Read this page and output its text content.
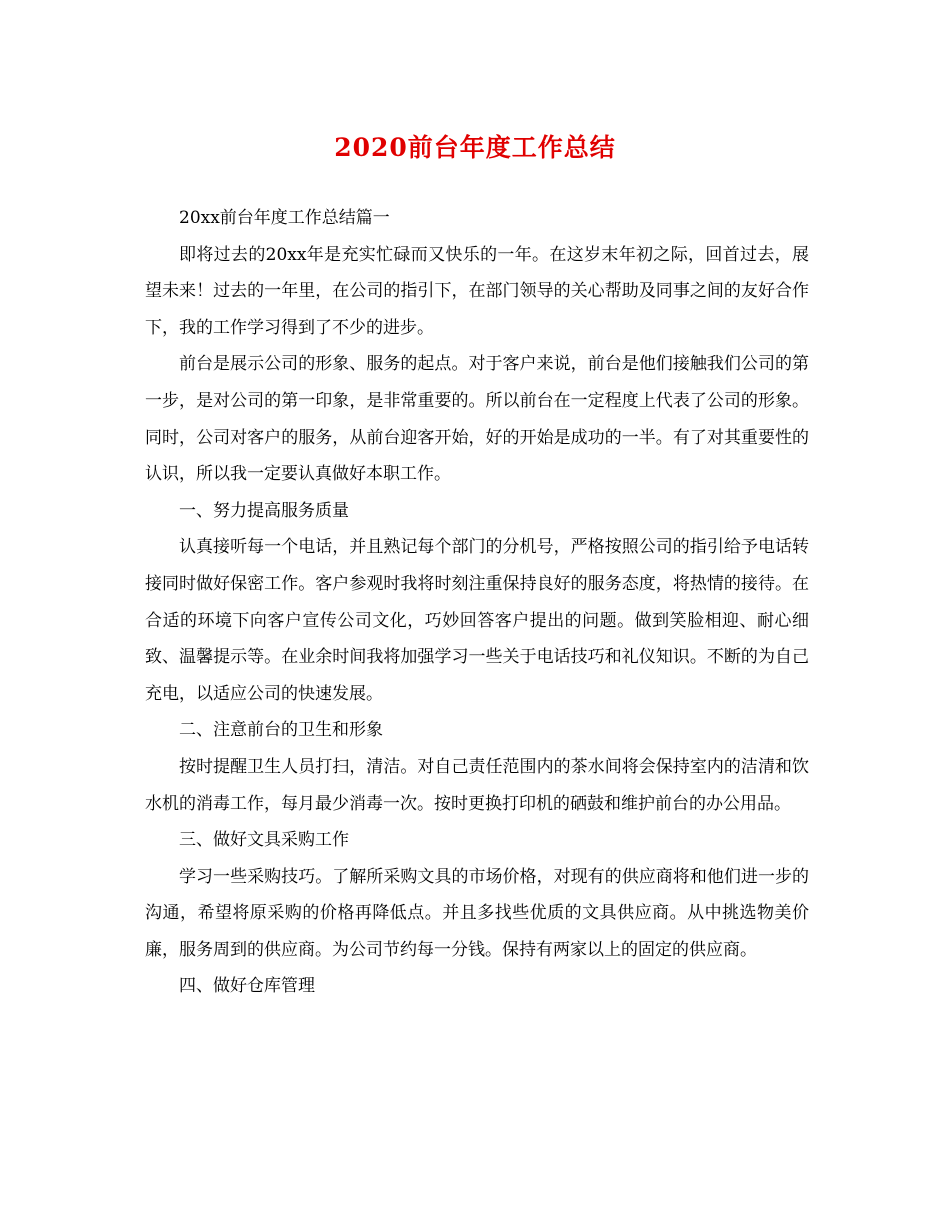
2020前台年度工作总结

20xx前台年度工作总结篇一

即将过去的20xx年是充实忙碌而又快乐的一年。在这岁末年初之际，回首过去，展望未来！过去的一年里，在公司的指引下，在部门领导的关心帮助及同事之间的友好合作下，我的工作学习得到了不少的进步。

前台是展示公司的形象、服务的起点。对于客户来说，前台是他们接触我们公司的第一步，是对公司的第一印象，是非常重要的。所以前台在一定程度上代表了公司的形象。同时，公司对客户的服务，从前台迎客开始，好的开始是成功的一半。有了对其重要性的认识，所以我一定要认真做好本职工作。

一、努力提高服务质量

认真接听每一个电话，并且熟记每个部门的分机号，严格按照公司的指引给予电话转接同时做好保密工作。客户参观时我将时刻注重保持良好的服务态度，将热情的接待。在合适的环境下向客户宣传公司文化，巧妙回答客户提出的问题。做到笑脸相迎、耐心细致、温馨提示等。在业余时间我将加强学习一些关于电话技巧和礼仪知识。不断的为自己充电，以适应公司的快速发展。

二、注意前台的卫生和形象

按时提醒卫生人员打扫，清洁。对自己责任范围内的茶水间将会保持室内的洁清和饮水机的消毒工作，每月最少消毒一次。按时更换打印机的硒鼓和维护前台的办公用品。

三、做好文具采购工作

学习一些采购技巧。了解所采购文具的市场价格，对现有的供应商将和他们进一步的沟通，希望将原采购的价格再降低点。并且多找些优质的文具供应商。从中挑选物美价廉，服务周到的供应商。为公司节约每一分钱。保持有两家以上的固定的供应商。

四、做好仓库管理
